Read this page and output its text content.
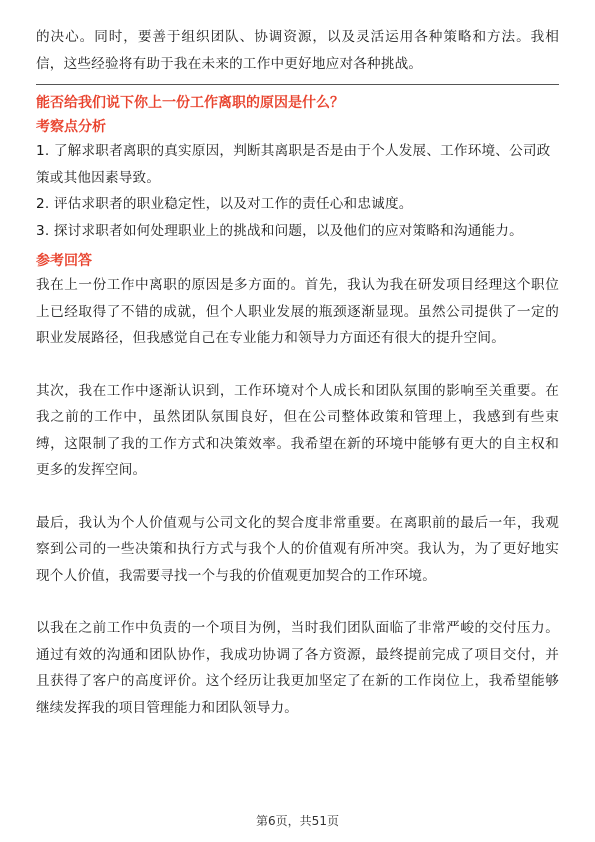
的决心。同时，要善于组织团队、协调资源，以及灵活运用各种策略和方法。我相信，这些经验将有助于我在未来的工作中更好地应对各种挑战。

能否给我们说下你上一份工作离职的原因是什么？

考察点分析

1. 了解求职者离职的真实原因，判断其离职是否是由于个人发展、工作环境、公司政策或其他因素导致。

2. 评估求职者的职业稳定性，以及对工作的责任心和忠诚度。

3. 探讨求职者如何处理职业上的挑战和问题，以及他们的应对策略和沟通能力。

参考回答

我在上一份工作中离职的原因是多方面的。首先，我认为我在研发项目经理这个职位上已经取得了不错的成就，但个人职业发展的瓶颈逐渐显现。虽然公司提供了一定的职业发展路径，但我感觉自己在专业能力和领导力方面还有很大的提升空间。

其次，我在工作中逐渐认识到，工作环境对个人成长和团队氛围的影响至关重要。在我之前的工作中，虽然团队氛围良好，但在公司整体政策和管理上，我感到有些束缚，这限制了我的工作方式和决策效率。我希望在新的环境中能够有更大的自主权和更多的发挥空间。

最后，我认为个人价值观与公司文化的契合度非常重要。在离职前的最后一年，我观察到公司的一些决策和执行方式与我个人的价值观有所冲突。我认为，为了更好地实现个人价值，我需要寻找一个与我的价值观更加契合的工作环境。

以我在之前工作中负责的一个项目为例，当时我们团队面临了非常严峻的交付压力。通过有效的沟通和团队协作，我成功协调了各方资源，最终提前完成了项目交付，并且获得了客户的高度评价。这个经历让我更加坚定了在新的工作岗位上，我希望能够继续发挥我的项目管理能力和团队领导力。

第6页，共51页
